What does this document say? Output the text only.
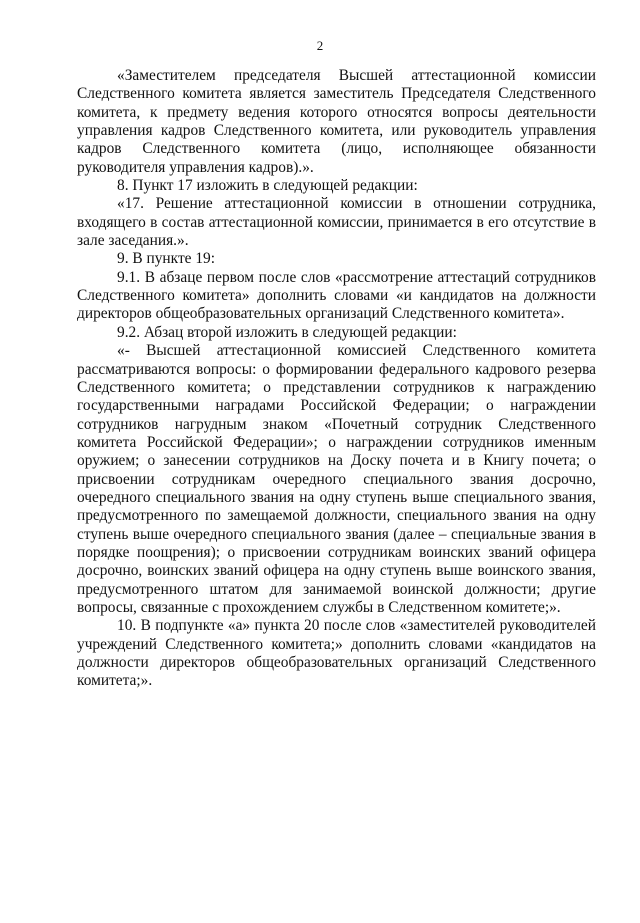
2

«Заместителем председателя Высшей аттестационной комиссии Следственного комитета является заместитель Председателя Следственного комитета, к предмету ведения которого относятся вопросы деятельности управления кадров Следственного комитета, или руководитель управления кадров Следственного комитета (лицо, исполняющее обязанности руководителя управления кадров).».

8. Пункт 17 изложить в следующей редакции:

«17. Решение аттестационной комиссии в отношении сотрудника, входящего в состав аттестационной комиссии, принимается в его отсутствие в зале заседания.».

9. В пункте 19:

9.1. В абзаце первом после слов «рассмотрение аттестаций сотрудников Следственного комитета» дополнить словами «и кандидатов на должности директоров общеобразовательных организаций Следственного комитета».

9.2. Абзац второй изложить в следующей редакции:

«- Высшей аттестационной комиссией Следственного комитета рассматриваются вопросы: о формировании федерального кадрового резерва Следственного комитета; о представлении сотрудников к награждению государственными наградами Российской Федерации; о награждении сотрудников нагрудным знаком «Почетный сотрудник Следственного комитета Российской Федерации»; о награждении сотрудников именным оружием; о занесении сотрудников на Доску почета и в Книгу почета; о присвоении сотрудникам очередного специального звания досрочно, очередного специального звания на одну ступень выше специального звания, предусмотренного по замещаемой должности, специального звания на одну ступень выше очередного специального звания (далее – специальные звания в порядке поощрения); о присвоении сотрудникам воинских званий офицера досрочно, воинских званий офицера на одну ступень выше воинского звания, предусмотренного штатом для занимаемой воинской должности; другие вопросы, связанные с прохождением службы в Следственном комитете;».

10. В подпункте «а» пункта 20 после слов «заместителей руководителей учреждений Следственного комитета;» дополнить словами «кандидатов на должности директоров общеобразовательных организаций Следственного комитета;».
